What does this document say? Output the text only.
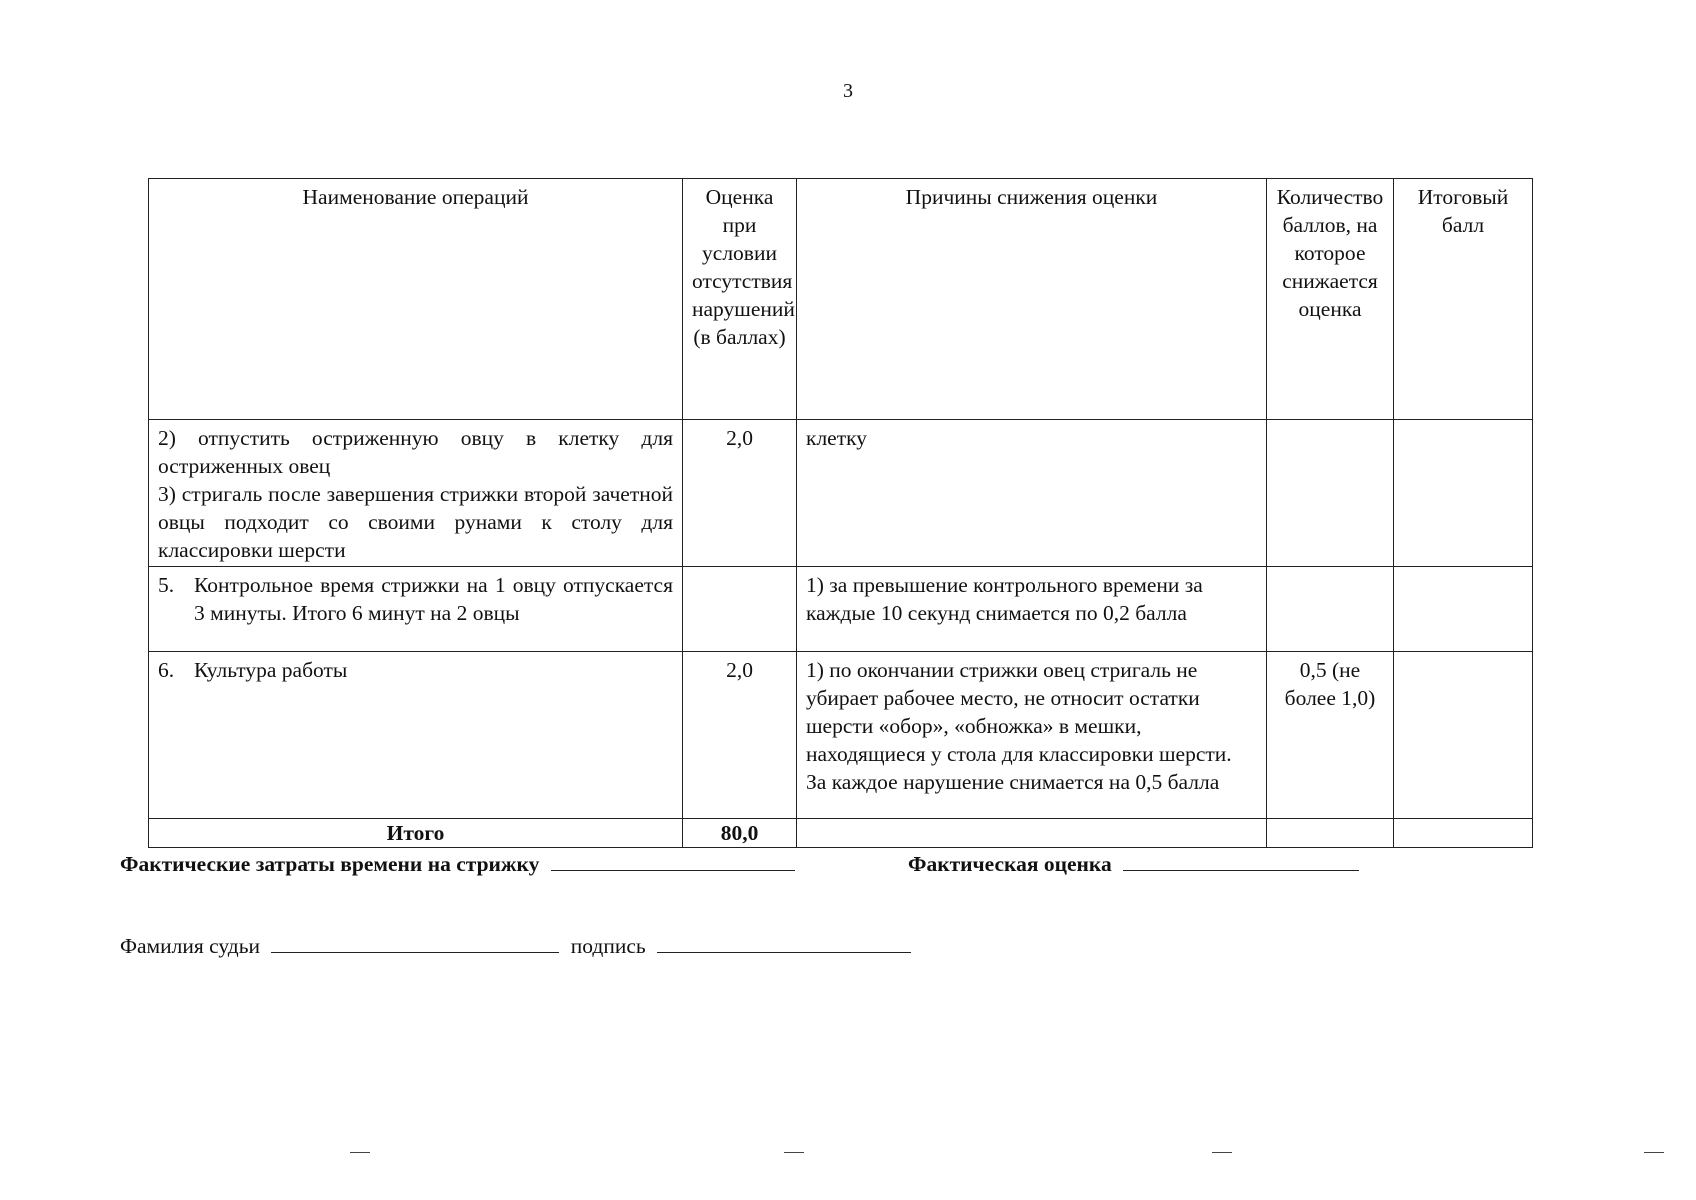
3
Наименование операций	Оценка при условии отсутствия нарушений (в баллах)	Причины снижения оценки	Количество баллов, на которое снижается оценка	Итоговый балл

2) отпустить остриженную овцу в клетку для остриженных овец
3) стригаль после завершения стрижки второй зачетной овцы подходит со своими рунами к столу для классировки шерсти	2,0	клетку		

5. Контрольное время стрижки на 1 овцу отпускается 3 минуты. Итого 6 минут на 2 овцы		1) за превышение контрольного времени за каждые 10 секунд снимается по 0,2 балла		

6. Культура работы	2,0	1) по окончании стрижки овец стригаль не убирает рабочее место, не относит остатки шерсти «обор», «обножка» в мешки, находящиеся у стола для классировки шерсти. За каждое нарушение снимается на 0,5 балла	0,5 (не более 1,0)	
Итого	80,0			
Фактические затраты времени на стрижку	Фактическая оценка
Фамилия судьи	подпись
